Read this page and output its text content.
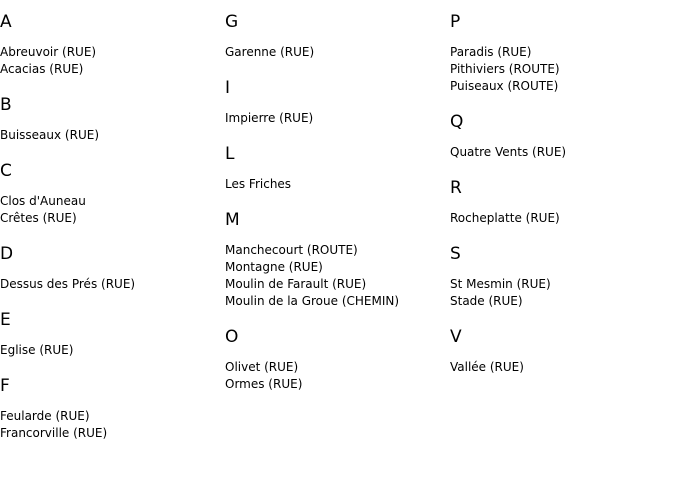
A
Abreuvoir (RUE)
Acacias (RUE)
B
Buisseaux (RUE)
C
Clos d'Auneau
Crêtes (RUE)
D
Dessus des Prés (RUE)
E
Eglise (RUE)
F
Feularde (RUE)
Francorville (RUE)
G
Garenne (RUE)
I
Impierre (RUE)
L
Les Friches
M
Manchecourt (ROUTE)
Montagne (RUE)
Moulin de Farault (RUE)
Moulin de la Groue (CHEMIN)
O
Olivet (RUE)
Ormes (RUE)
P
Paradis (RUE)
Pithiviers (ROUTE)
Puiseaux (ROUTE)
Q
Quatre Vents (RUE)
R
Rocheplatte (RUE)
S
St Mesmin (RUE)
Stade (RUE)
V
Vallée (RUE)
